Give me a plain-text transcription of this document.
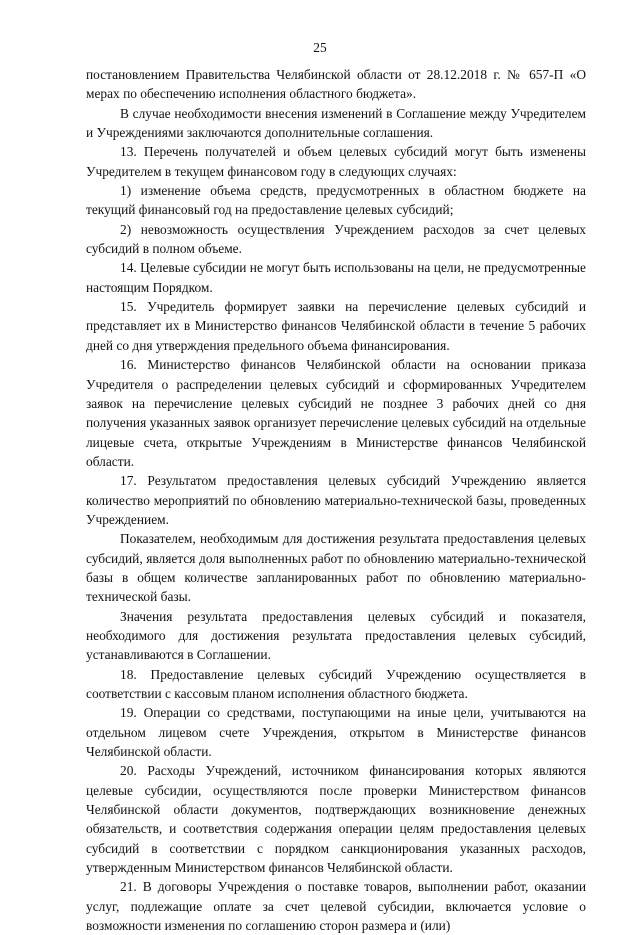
25

постановлением Правительства Челябинской области от 28.12.2018 г. № 657-П «О мерах по обеспечению исполнения областного бюджета».

В случае необходимости внесения изменений в Соглашение между Учредителем и Учреждениями заключаются дополнительные соглашения.

13. Перечень получателей и объем целевых субсидий могут быть изменены Учредителем в текущем финансовом году в следующих случаях:

1) изменение объема средств, предусмотренных в областном бюджете на текущий финансовый год на предоставление целевых субсидий;

2) невозможность осуществления Учреждением расходов за счет целевых субсидий в полном объеме.

14. Целевые субсидии не могут быть использованы на цели, не предусмотренные настоящим Порядком.

15. Учредитель формирует заявки на перечисление целевых субсидий и представляет их в Министерство финансов Челябинской области в течение 5 рабочих дней со дня утверждения предельного объема финансирования.

16. Министерство финансов Челябинской области на основании приказа Учредителя о распределении целевых субсидий и сформированных Учредителем заявок на перечисление целевых субсидий не позднее 3 рабочих дней со дня получения указанных заявок организует перечисление целевых субсидий на отдельные лицевые счета, открытые Учреждениям в Министерстве финансов Челябинской области.

17. Результатом предоставления целевых субсидий Учреждению является количество мероприятий по обновлению материально-технической базы, проведенных Учреждением.

Показателем, необходимым для достижения результата предоставления целевых субсидий, является доля выполненных работ по обновлению материально-технической базы в общем количестве запланированных работ по обновлению материально-технической базы.

Значения результата предоставления целевых субсидий и показателя, необходимого для достижения результата предоставления целевых субсидий, устанавливаются в Соглашении.

18. Предоставление целевых субсидий Учреждению осуществляется в соответствии с кассовым планом исполнения областного бюджета.

19. Операции со средствами, поступающими на иные цели, учитываются на отдельном лицевом счете Учреждения, открытом в Министерстве финансов Челябинской области.

20. Расходы Учреждений, источником финансирования которых являются целевые субсидии, осуществляются после проверки Министерством финансов Челябинской области документов, подтверждающих возникновение денежных обязательств, и соответствия содержания операции целям предоставления целевых субсидий в соответствии с порядком санкционирования указанных расходов, утвержденным Министерством финансов Челябинской области.

21. В договоры Учреждения о поставке товаров, выполнении работ, оказании услуг, подлежащие оплате за счет целевой субсидии, включается условие о возможности изменения по соглашению сторон размера и (или)
